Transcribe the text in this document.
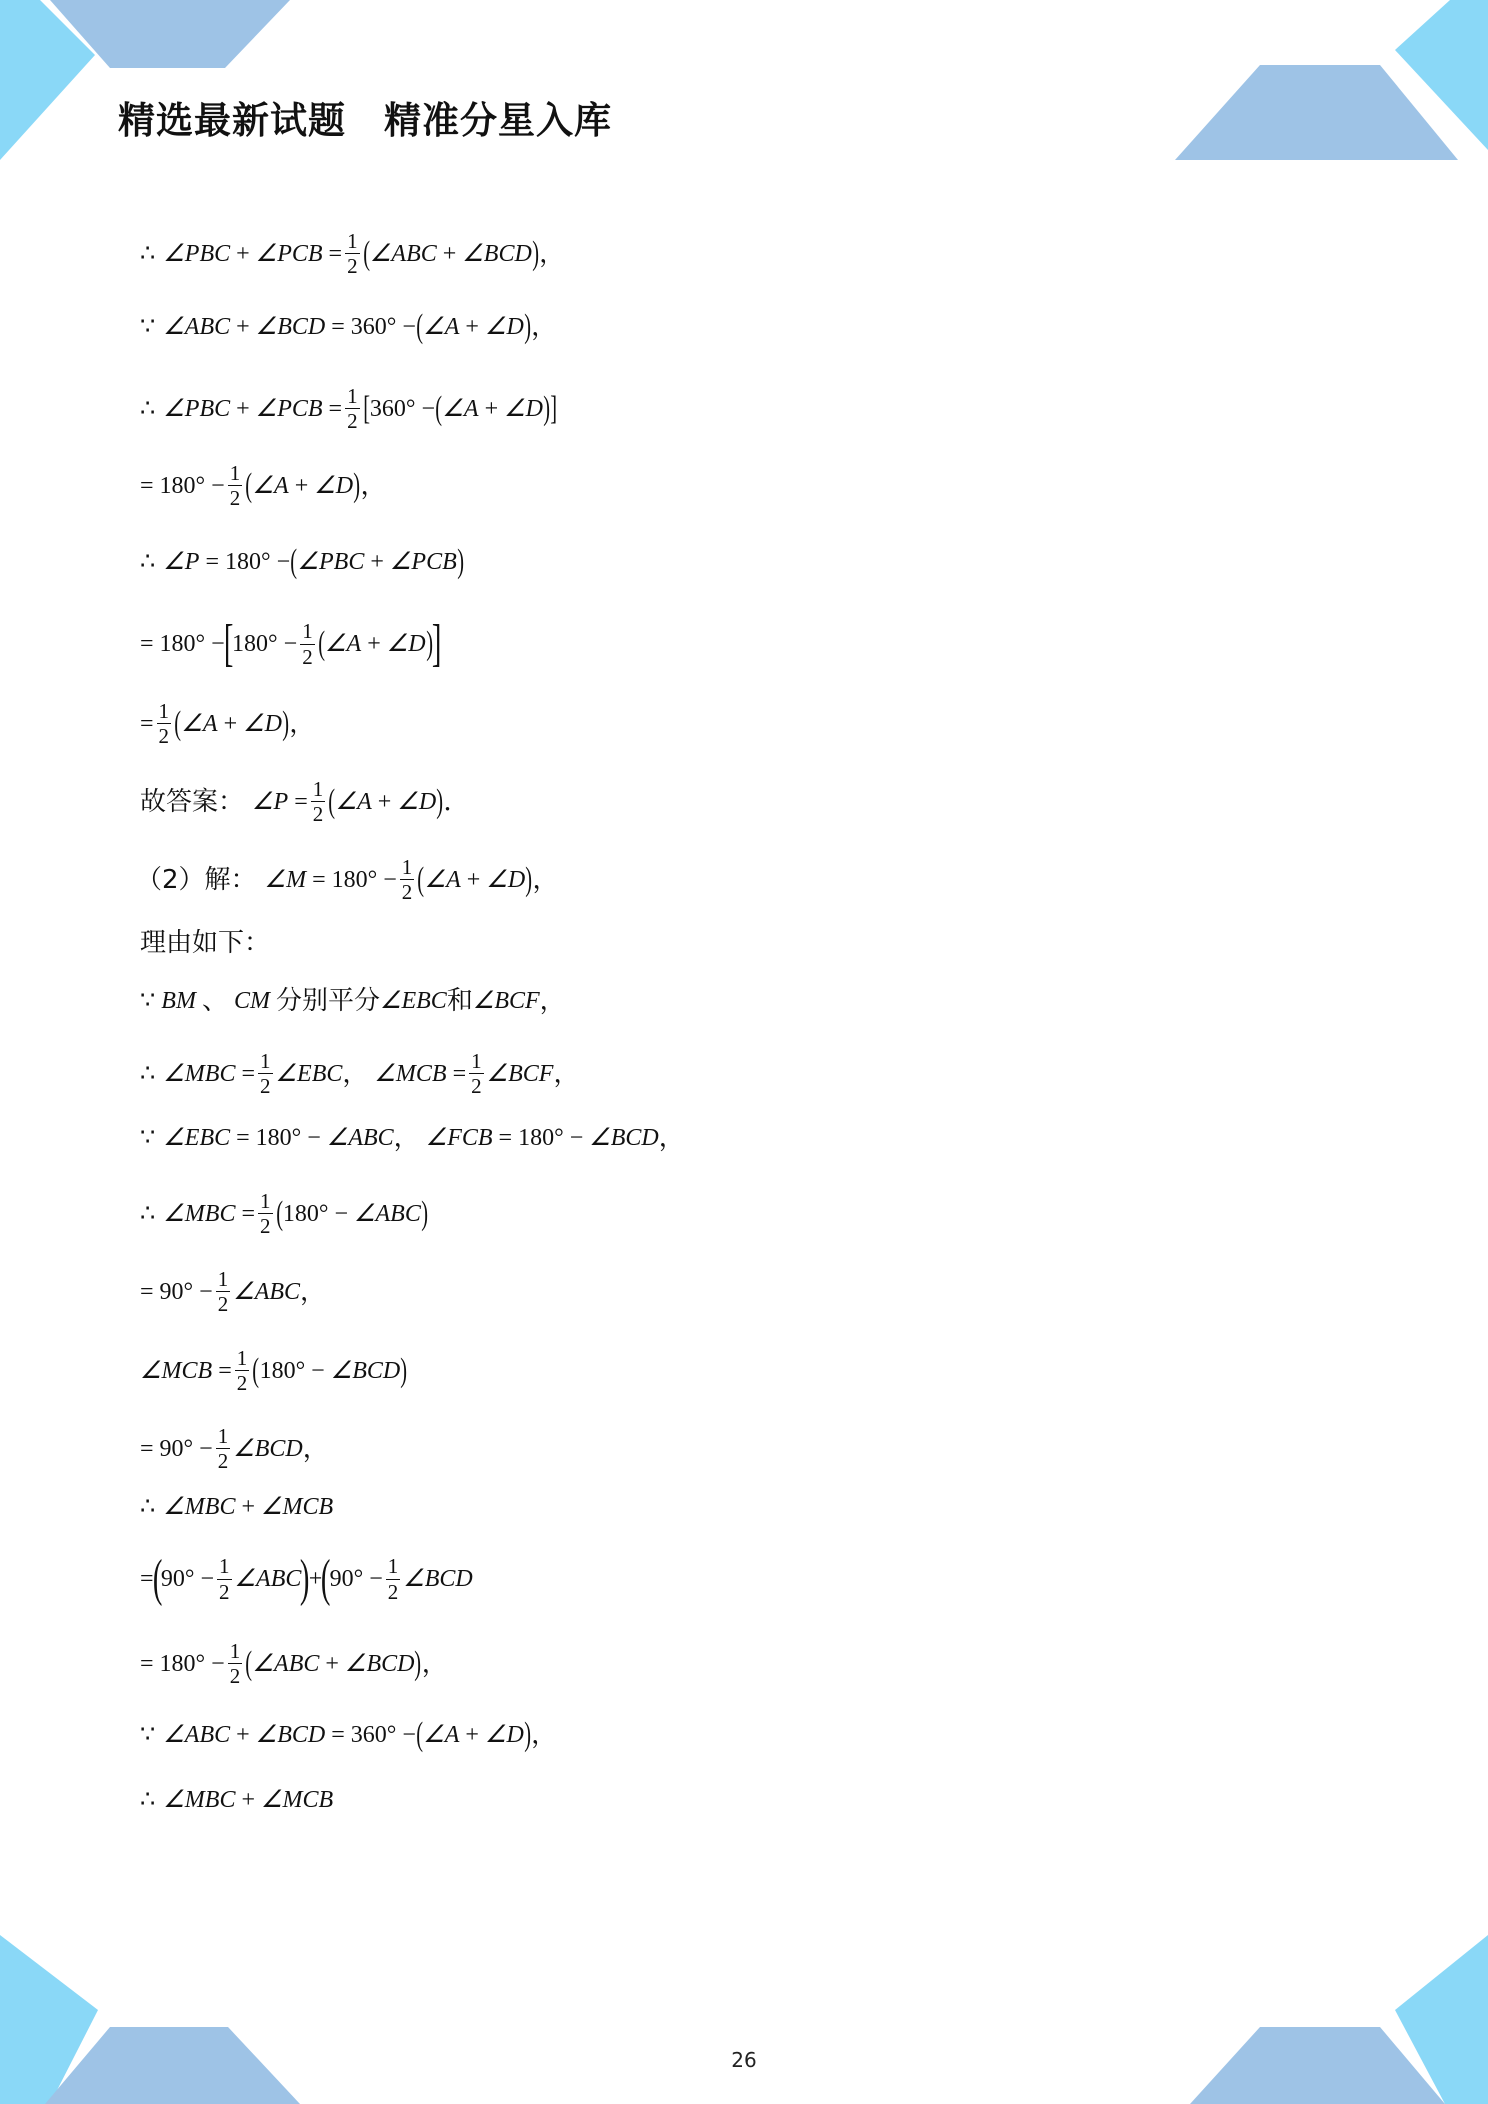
精选最新试题　精准分星入库
∴ ∠PBC
+
∠PCB
= $\frac{1}{2}$ ( ∠ABC
+
∠BCD ) ，
∵ ∠ABC
+
∠BCD
=
360°
− ( ∠A
+
∠D ) ，
∴ ∠PBC
+
∠PCB
= $\frac{1}{2}$ [ 360°
− ( ∠A
+
∠D ) ]
=
180°
− $\frac{1}{2}$ ( ∠A
+
∠D ) ，
∴ ∠P
=
180°
− ( ∠PBC
+
∠PCB )
=
180°
−
[
180°
− $\frac{1}{2}$ ( ∠A
+
∠D ) ]
= $\frac{1}{2}$ ( ∠A
+
∠D ) ，
故答案： ∠P
= $\frac{1}{2}$ ( ∠A
+
∠D ) ．
（2）解： ∠M
=
180°
− $\frac{1}{2}$ ( ∠A
+
∠D ) ，
理由如下：
∵
BM
、
CM
分别平分 ∠EBC 和 ∠BCF ，
∴ ∠MBC
= $\frac{1}{2}$ ∠EBC ，
∠MCB
= $\frac{1}{2}$ ∠BCF ，
∵ ∠EBC
=
180°
−
∠ABC ，
∠FCB
=
180°
−
∠BCD ，
∴ ∠MBC
= $\frac{1}{2}$ ( 180°
−
∠ABC )
=
90°
− $\frac{1}{2}$ ∠ABC ，
∠MCB
= $\frac{1}{2}$ ( 180°
−
∠BCD )
=
90°
− $\frac{1}{2}$ ∠BCD ，
∴ ∠MBC
+
∠MCB
=
(
90°
− $\frac{1}{2}$ ∠ABC
)
+
(
90°
− $\frac{1}{2}$ ∠BCD
=
180°
− $\frac{1}{2}$ ( ∠ABC
+
∠BCD ) ，
∵ ∠ABC
+
∠BCD
=
360°
− ( ∠A
+
∠D ) ，
∴ ∠MBC
+
∠MCB
26
